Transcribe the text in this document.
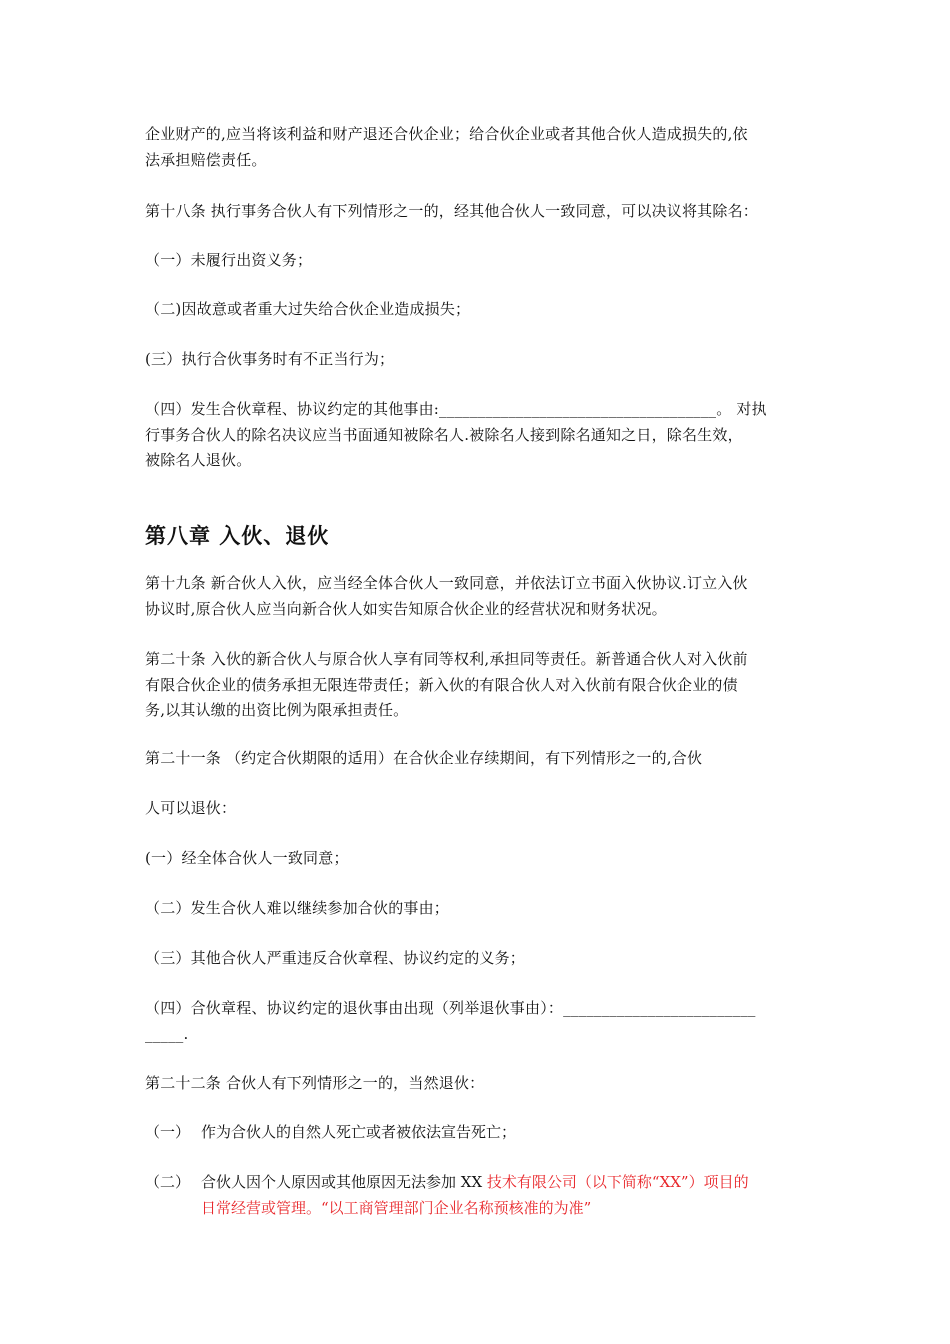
企业财产的,应当将该利益和财产退还合伙企业；给合伙企业或者其他合伙人造成损失的,依
法承担赔偿责任。
第十八条 执行事务合伙人有下列情形之一的，经其他合伙人一致同意，可以决议将其除名：
（一）未履行出资义务；
（二)因故意或者重大过失给合伙企业造成损失；
(三）执行合伙事务时有不正当行为；
（四）发生合伙章程、协议约定的其他事由:____________________________________。 对执
行事务合伙人的除名决议应当书面通知被除名人.被除名人接到除名通知之日，除名生效，
被除名人退伙。
第八章 入伙、退伙
第十九条 新合伙人入伙，应当经全体合伙人一致同意，并依法订立书面入伙协议.订立入伙
协议时,原合伙人应当向新合伙人如实告知原合伙企业的经营状况和财务状况。
第二十条 入伙的新合伙人与原合伙人享有同等权利,承担同等责任。新普通合伙人对入伙前
有限合伙企业的债务承担无限连带责任；新入伙的有限合伙人对入伙前有限合伙企业的债
务,以其认缴的出资比例为限承担责任。
第二十一条 （约定合伙期限的适用）在合伙企业存续期间，有下列情形之一的,合伙
人可以退伙：
(一）经全体合伙人一致同意；
（二）发生合伙人难以继续参加合伙的事由；
（三）其他合伙人严重违反合伙章程、协议约定的义务；
（四）合伙章程、协议约定的退伙事由出现（列举退伙事由）：_________________________
_____.
第二十二条 合伙人有下列情形之一的，当然退伙：
（一） 作为合伙人的自然人死亡或者被依法宣告死亡；
（二） 合伙人因个人原因或其他原因无法参加 XX 技术有限公司（以下简称“XX”）项目的
日常经营或管理。“以工商管理部门企业名称预核准的为准”
